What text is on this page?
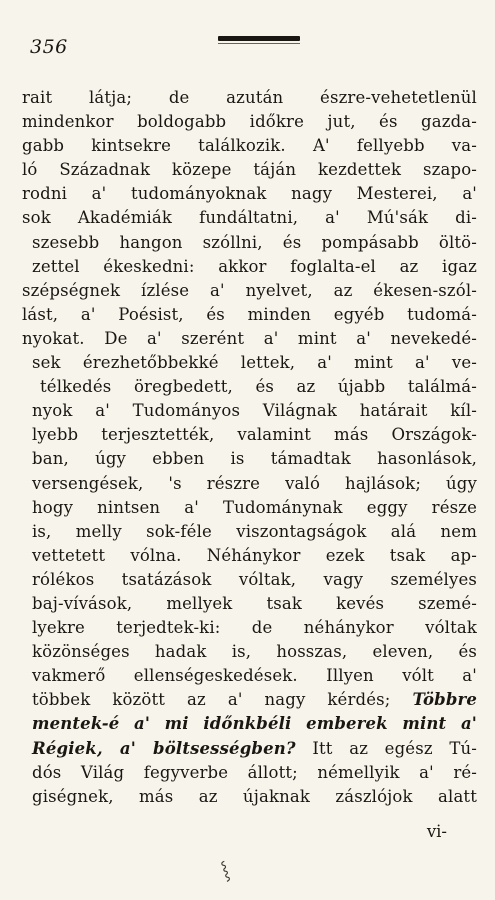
356
rait látja; de azután észre-vehetetlenül
mindenkor boldogabb időkre jut, és gazda-
gabb kintsekre találkozik. A' fellyebb va-
ló Századnak közepe táján kezdettek szapo-
rodni a' tudományoknak nagy Mesterei, a'
sok Akadémiák fundáltatni, a' Mú'sák di-
szesebb hangon szóllni, és pompásabb öltö-
zettel ékeskedni: akkor foglalta-el az igaz
szépségnek ízlése a' nyelvet, az ékesen-szól-
lást, a' Poésist, és minden egyéb tudomá-
nyokat. De a' szerént a' mint a' nevekedé-
sek érezhetőbbekké lettek, a' mint a' ve-
télkedés öregbedett, és az újabb találmá-
nyok a' Tudományos Világnak határait kíl-
lyebb terjesztették, valamint más Országok-
ban, úgy ebben is támadtak hasonlások,
versengések, 's részre való hajlások; úgy
hogy nintsen a' Tudománynak eggy része
is, melly sok-féle viszontagságok alá nem
vettetett vólna. Néhánykor ezek tsak ap-
rólékos tsatázások vóltak, vagy személyes
baj-vívások, mellyek tsak kevés szemé-
lyekre terjedtek-ki: de néhánykor vóltak
közönséges hadak is, hosszas, eleven, és
vakmerő ellenségeskedések. Illyen vólt a'
többek között az a' nagy kérdés; Többre
mentek-é a' mi időnkbéli emberek mint a'
Régiek, a' böltsességben? Itt az egész Tú-
dós Világ fegyverbe állott; némellyik a' ré-
giségnek, más az újaknak zászlójok alatt
vi-
⸾
